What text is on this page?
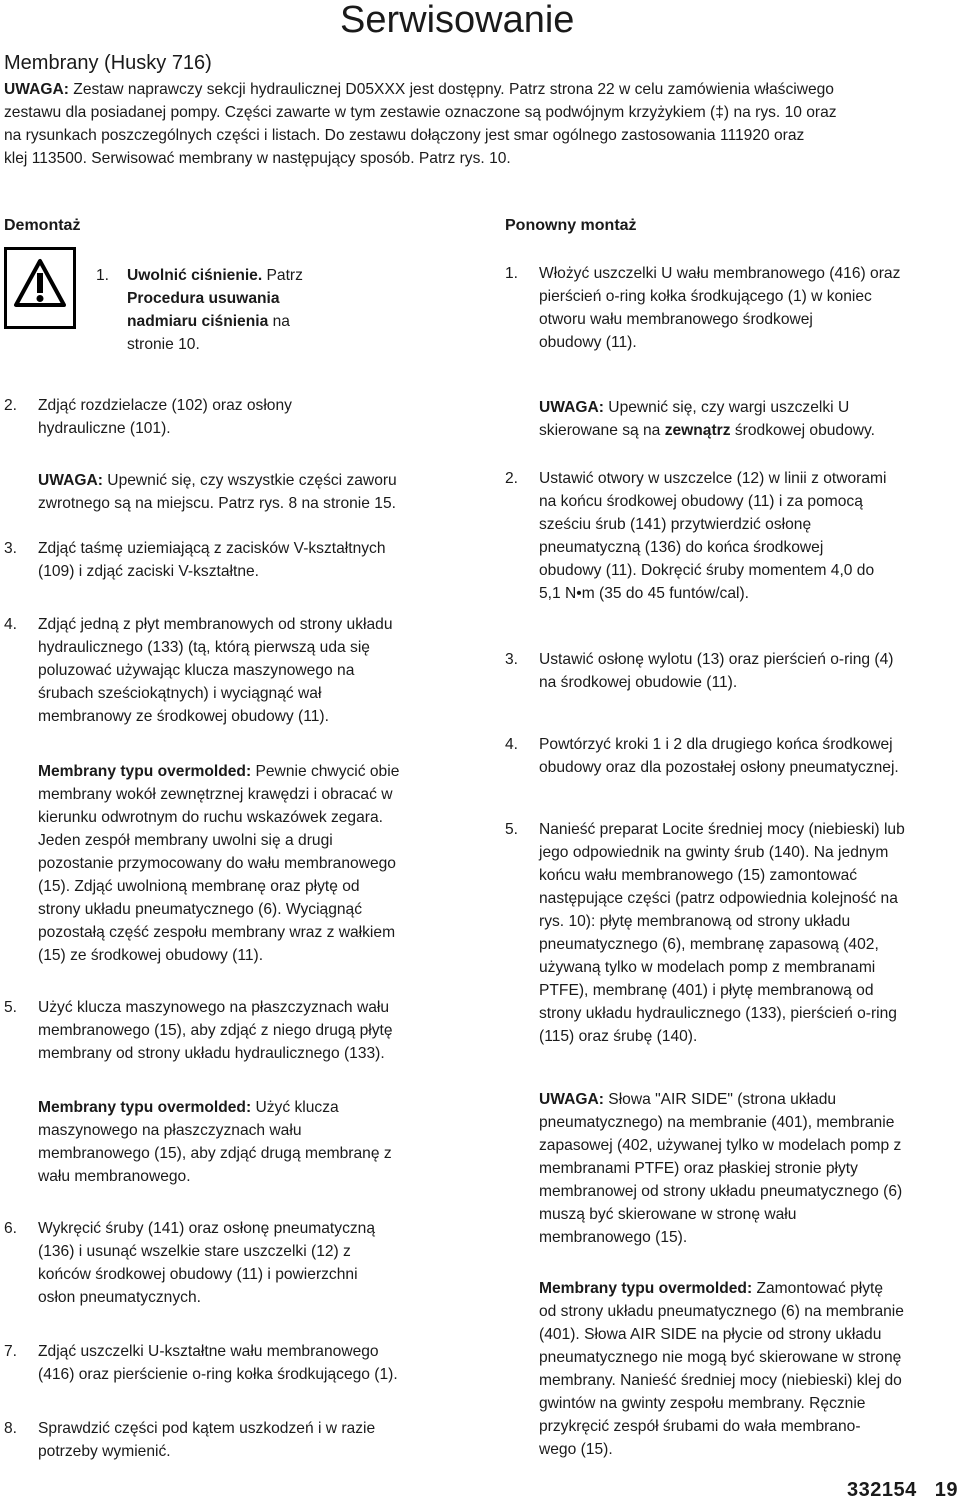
Serwisowanie
Membrany (Husky 716)
UWAGA: Zestaw naprawczy sekcji hydraulicznej D05XXX jest dostępny. Patrz strona 22 w celu zamówienia właściwego
zestawu dla posiadanej pompy. Części zawarte w tym zestawie oznaczone są podwójnym krzyżykiem (‡) na rys. 10 oraz
na rysunkach poszczególnych części i listach. Do zestawu dołączony jest smar ogólnego zastosowania 111920 oraz
klej 113500. Serwisować membrany w następujący sposób. Patrz rys. 10.
Demontaż
1. Uwolnić ciśnienie. Patrz
Procedura usuwania
nadmiaru ciśnienia na
stronie 10.
2. Zdjąć rozdzielacze (102) oraz osłony
hydrauliczne (101).
UWAGA: Upewnić się, czy wszystkie części zaworu
zwrotnego są na miejscu. Patrz rys. 8 na stronie 15.
3. Zdjąć taśmę uziemiającą z zacisków V-kształtnych
(109) i zdjąć zaciski V-kształtne.
4. Zdjąć jedną z płyt membranowych od strony układu
hydraulicznego (133) (tą, którą pierwszą uda się
poluzować używając klucza maszynowego na
śrubach sześciokątnych) i wyciągnąć wał
membranowy ze środkowej obudowy (11).
Membrany typu overmolded: Pewnie chwycić obie
membrany wokół zewnętrznej krawędzi i obracać w
kierunku odwrotnym do ruchu wskazówek zegara.
Jeden zespół membrany uwolni się a drugi
pozostanie przymocowany do wału membranowego
(15). Zdjąć uwolnioną membranę oraz płytę od
strony układu pneumatycznego (6). Wyciągnąć
pozostałą część zespołu membrany wraz z wałkiem
(15) ze środkowej obudowy (11).
5. Użyć klucza maszynowego na płaszczyznach wału
membranowego (15), aby zdjąć z niego drugą płytę
membrany od strony układu hydraulicznego (133).
Membrany typu overmolded: Użyć klucza
maszynowego na płaszczyznach wału
membranowego (15), aby zdjąć drugą membranę z
wału membranowego.
6. Wykręcić śruby (141) oraz osłonę pneumatyczną
(136) i usunąć wszelkie stare uszczelki (12) z
końców środkowej obudowy (11) i powierzchni
osłon pneumatycznych.
7. Zdjąć uszczelki U-kształtne wału membranowego
(416) oraz pierścienie o-ring kołka środkującego (1).
8. Sprawdzić części pod kątem uszkodzeń i w razie
potrzeby wymienić.
Ponowny montaż
1. Włożyć uszczelki U wału membranowego (416) oraz
pierścień o-ring kołka środkującego (1) w koniec
otworu wału membranowego środkowej
obudowy (11).
UWAGA: Upewnić się, czy wargi uszczelki U
skierowane są na zewnątrz środkowej obudowy.
2. Ustawić otwory w uszczelce (12) w linii z otworami
na końcu środkowej obudowy (11) i za pomocą
sześciu śrub (141) przytwierdzić osłonę
pneumatyczną (136) do końca środkowej
obudowy (11). Dokręcić śruby momentem 4,0 do
5,1 N•m (35 do 45 funtów/cal).
3. Ustawić osłonę wylotu (13) oraz pierścień o-ring (4)
na środkowej obudowie (11).
4. Powtórzyć kroki 1 i 2 dla drugiego końca środkowej
obudowy oraz dla pozostałej osłony pneumatycznej.
5. Nanieść preparat Locite średniej mocy (niebieski) lub
jego odpowiednik na gwinty śrub (140). Na jednym
końcu wału membranowego (15) zamontować
następujące części (patrz odpowiednia kolejność na
rys. 10): płytę membranową od strony układu
pneumatycznego (6), membranę zapasową (402,
używaną tylko w modelach pomp z membranami
PTFE), membranę (401) i płytę membranową od
strony układu hydraulicznego (133), pierścień o-ring
(115) oraz śrubę (140).
UWAGA: Słowa "AIR SIDE" (strona układu
pneumatycznego) na membranie (401), membranie
zapasowej (402, używanej tylko w modelach pomp z
membranami PTFE) oraz płaskiej stronie płyty
membranowej od strony układu pneumatycznego (6)
muszą być skierowane w stronę wału
membranowego (15).
Membrany typu overmolded: Zamontować płytę
od strony układu pneumatycznego (6) na membranie
(401). Słowa AIR SIDE na płycie od strony układu
pneumatycznego nie mogą być skierowane w stronę
membrany. Nanieść średniej mocy (niebieski) klej do
gwintów na gwinty zespołu membrany. Ręcznie
przykręcić zespół śrubami do wała membrano-
wego (15).
332154 19
